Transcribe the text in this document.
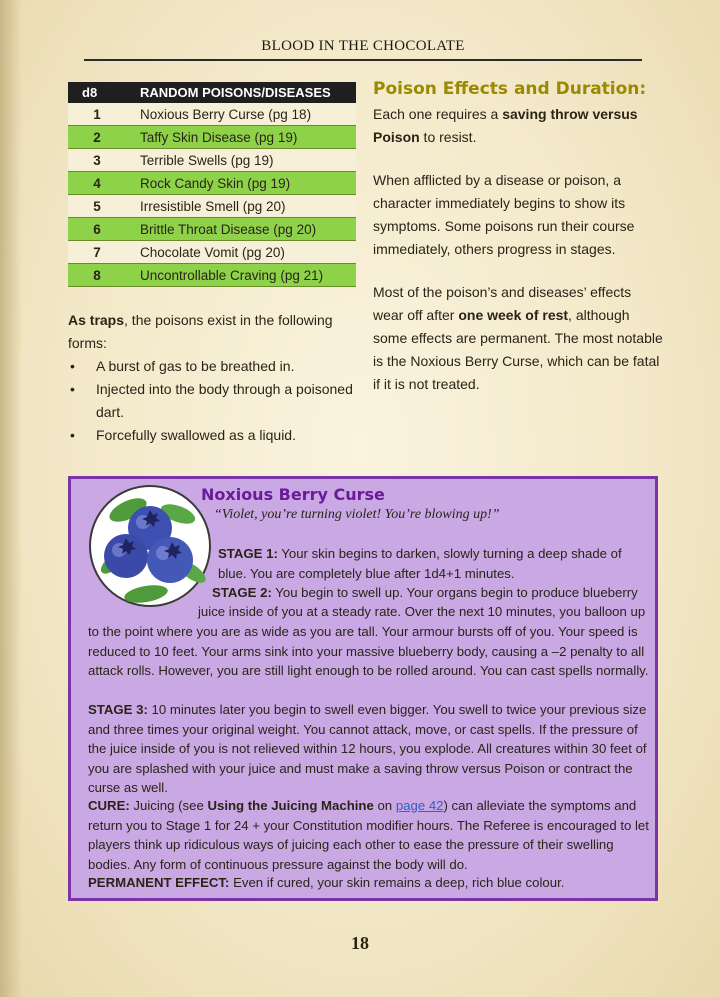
BLOOD IN THE CHOCOLATE
d8	RANDOM POISONS/DISEASES
1	Noxious Berry Curse (pg 18)
2	Taffy Skin Disease (pg 19)
3	Terrible Swells (pg 19)
4	Rock Candy Skin (pg 19)
5	Irresistible Smell (pg 20)
6	Brittle Throat Disease (pg 20)
7	Chocolate Vomit (pg 20)
8	Uncontrollable Craving (pg 21)
As traps, the poisons exist in the following forms:
• A burst of gas to be breathed in.
• Injected into the body through a poisoned dart.
• Forcefully swallowed as a liquid.
Poison Effects and Duration:

Each one requires a saving throw versus Poison to resist.

When afflicted by a disease or poison, a character immediately begins to show its symptoms. Some poisons run their course immediately, others progress in stages.

Most of the poison’s and diseases’ effects wear off after one week of rest, although some effects are permanent. The most notable is the Noxious Berry Curse, which can be fatal if it is not treated.

Noxious Berry Curse
“Violet, you’re turning violet! You’re blowing up!”
STAGE 1: Your skin begins to darken, slowly turning a deep shade of blue. You are completely blue after 1d4+1 minutes.
STAGE 2: You begin to swell up. Your organs begin to produce blueberry
juice inside of you at a steady rate. Over the next 10 minutes, you balloon up
to the point where you are as wide as you are tall. Your armour bursts off of you. Your speed is reduced to 10 feet. Your arms sink into your massive blueberry body, causing a –2 penalty to all attack rolls. However, you are still light enough to be rolled around. You can cast spells normally.
STAGE 3: 10 minutes later you begin to swell even bigger. You swell to twice your previous size and three times your original weight. You cannot attack, move, or cast spells. If the pressure of the juice inside of you is not relieved within 12 hours, you explode. All creatures within 30 feet of you are splashed with your juice and must make a saving throw versus Poison or contract the curse as well.
CURE: Juicing (see Using the Juicing Machine on page 42) can alleviate the symptoms and return you to Stage 1 for 24 + your Constitution modifier hours. The Referee is encouraged to let players think up ridiculous ways of juicing each other to ease the pressure of their swelling bodies. Any form of continuous pressure against the body will do.
PERMANENT EFFECT: Even if cured, your skin remains a deep, rich blue colour.
18
